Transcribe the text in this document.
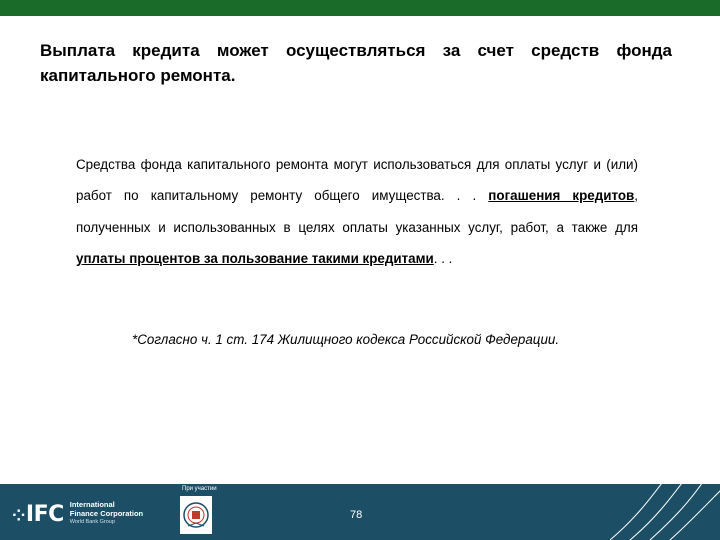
Выплата кредита может осуществляться за счет средств фонда капитального ремонта.
Средства фонда капитального ремонта могут использоваться для оплаты услуг и (или) работ по капитальному ремонту общего имущества. . . погашения кредитов, полученных и использованных в целях оплаты указанных услуг, работ, а также для уплаты процентов за пользование такими кредитами. . .
*Согласно ч. 1 ст. 174 Жилищного кодекса Российской Федерации.
⁘IFC International
Finance Corporation
World Bank Group
При участии
78
